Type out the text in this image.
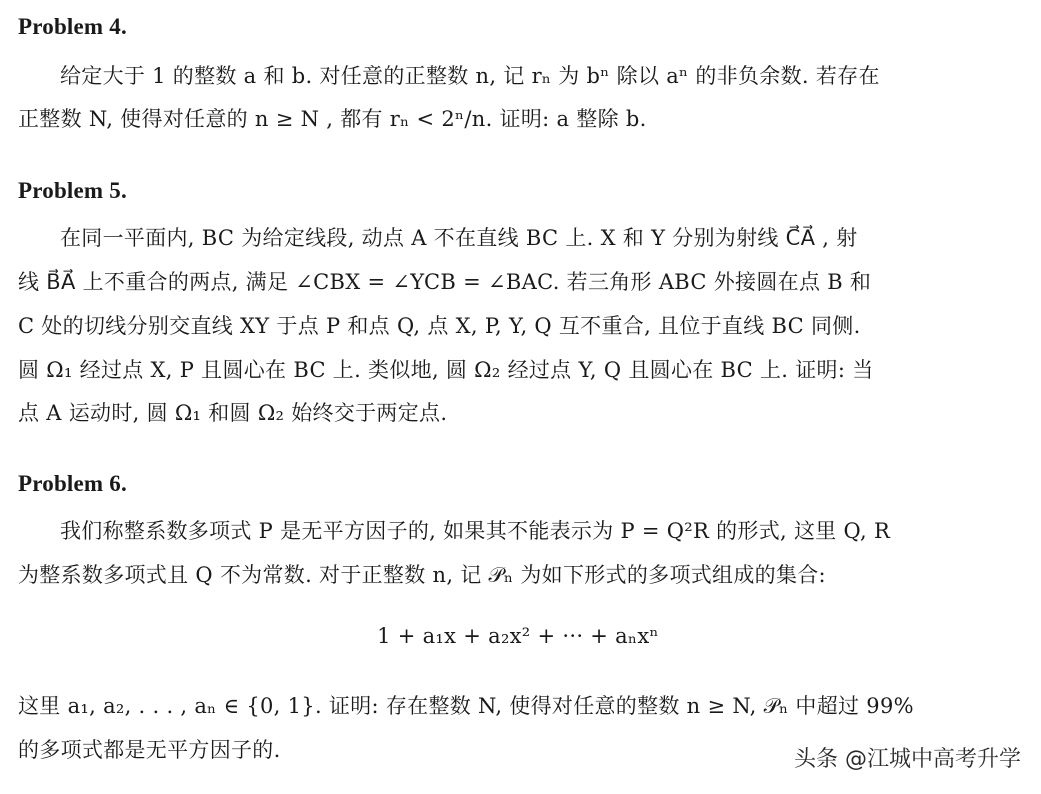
Problem 4.
给定大于 1 的整数 a 和 b. 对任意的正整数 n, 记 rₙ 为 bⁿ 除以 aⁿ 的非负余数. 若存在
正整数 N, 使得对任意的 n ≥ N , 都有 rₙ < 2ⁿ/n. 证明: a 整除 b.
Problem 5.
在同一平面内, BC 为给定线段, 动点 A 不在直线 BC 上. X 和 Y 分别为射线 C⃗A⃗ , 射
线 B⃗A⃗ 上不重合的两点, 满足 ∠CBX = ∠YCB = ∠BAC. 若三角形 ABC 外接圆在点 B 和
C 处的切线分别交直线 XY 于点 P 和点 Q, 点 X, P, Y, Q 互不重合, 且位于直线 BC 同侧.
圆 Ω₁ 经过点 X, P 且圆心在 BC 上. 类似地, 圆 Ω₂ 经过点 Y, Q 且圆心在 BC 上. 证明: 当
点 A 运动时, 圆 Ω₁ 和圆 Ω₂ 始终交于两定点.
Problem 6.
我们称整系数多项式 P 是无平方因子的, 如果其不能表示为 P = Q²R 的形式, 这里 Q, R
为整系数多项式且 Q 不为常数. 对于正整数 n, 记 𝒫ₙ 为如下形式的多项式组成的集合:
1 + a₁x + a₂x² + ··· + aₙxⁿ
这里 a₁, a₂, . . . , aₙ ∈ {0, 1}. 证明: 存在整数 N, 使得对任意的整数 n ≥ N, 𝒫ₙ 中超过 99%
的多项式都是无平方因子的.	头条 @江城中高考升学
